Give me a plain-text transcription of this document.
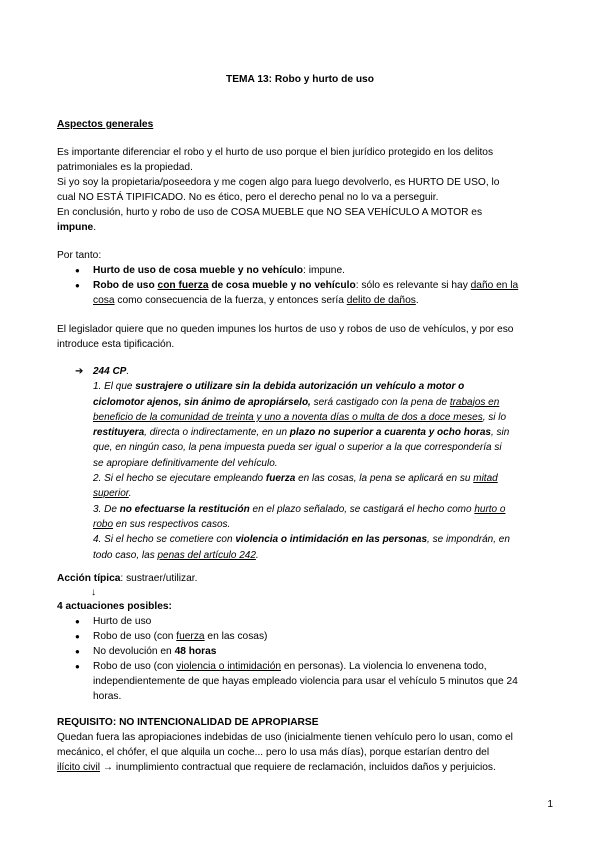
TEMA 13: Robo y hurto de uso
Aspectos generales
Es importante diferenciar el robo y el hurto de uso porque el bien jurídico protegido en los delitos
patrimoniales es la propiedad.
Si yo soy la propietaria/poseedora y me cogen algo para luego devolverlo, es HURTO DE USO, lo
cual NO ESTÁ TIPIFICADO. No es ético, pero el derecho penal no lo va a perseguir.
En conclusión, hurto y robo de uso de COSA MUEBLE que NO SEA VEHÍCULO A MOTOR es
impune.
Por tanto:
● Hurto de uso de cosa mueble y no vehículo: impune.
● Robo de uso con fuerza de cosa mueble y no vehículo: sólo es relevante si hay daño en la
cosa como consecuencia de la fuerza, y entonces sería delito de daños.
El legislador quiere que no queden impunes los hurtos de uso y robos de uso de vehículos, y por eso
introduce esta tipificación.
➔ 244 CP.
1. El que sustrajere o utilizare sin la debida autorización un vehículo a motor o
ciclomotor ajenos, sin ánimo de apropiárselo, será castigado con la pena de trabajos en
beneficio de la comunidad de treinta y uno a noventa días o multa de dos a doce meses, si lo
restituyera, directa o indirectamente, en un plazo no superior a cuarenta y ocho horas, sin
que, en ningún caso, la pena impuesta pueda ser igual o superior a la que correspondería si
se apropiare definitivamente del vehículo.
2. Si el hecho se ejecutare empleando fuerza en las cosas, la pena se aplicará en su mitad
superior.
3. De no efectuarse la restitución en el plazo señalado, se castigará el hecho como hurto o
robo en sus respectivos casos.
4. Si el hecho se cometiere con violencia o intimidación en las personas, se impondrán, en
todo caso, las penas del artículo 242.
Acción típica: sustraer/utilizar.
↓
4 actuaciones posibles:
● Hurto de uso
● Robo de uso (con fuerza en las cosas)
● No devolución en 48 horas
● Robo de uso (con violencia o intimidación en personas). La violencia lo envenena todo,
independientemente de que hayas empleado violencia para usar el vehículo 5 minutos que 24
horas.
REQUISITO: NO INTENCIONALIDAD DE APROPIARSE
Quedan fuera las apropiaciones indebidas de uso (inicialmente tienen vehículo pero lo usan, como el
mecánico, el chófer, el que alquila un coche... pero lo usa más días), porque estarían dentro del
ilícito civil → inumplimiento contractual que requiere de reclamación, incluidos daños y perjuicios.
1
